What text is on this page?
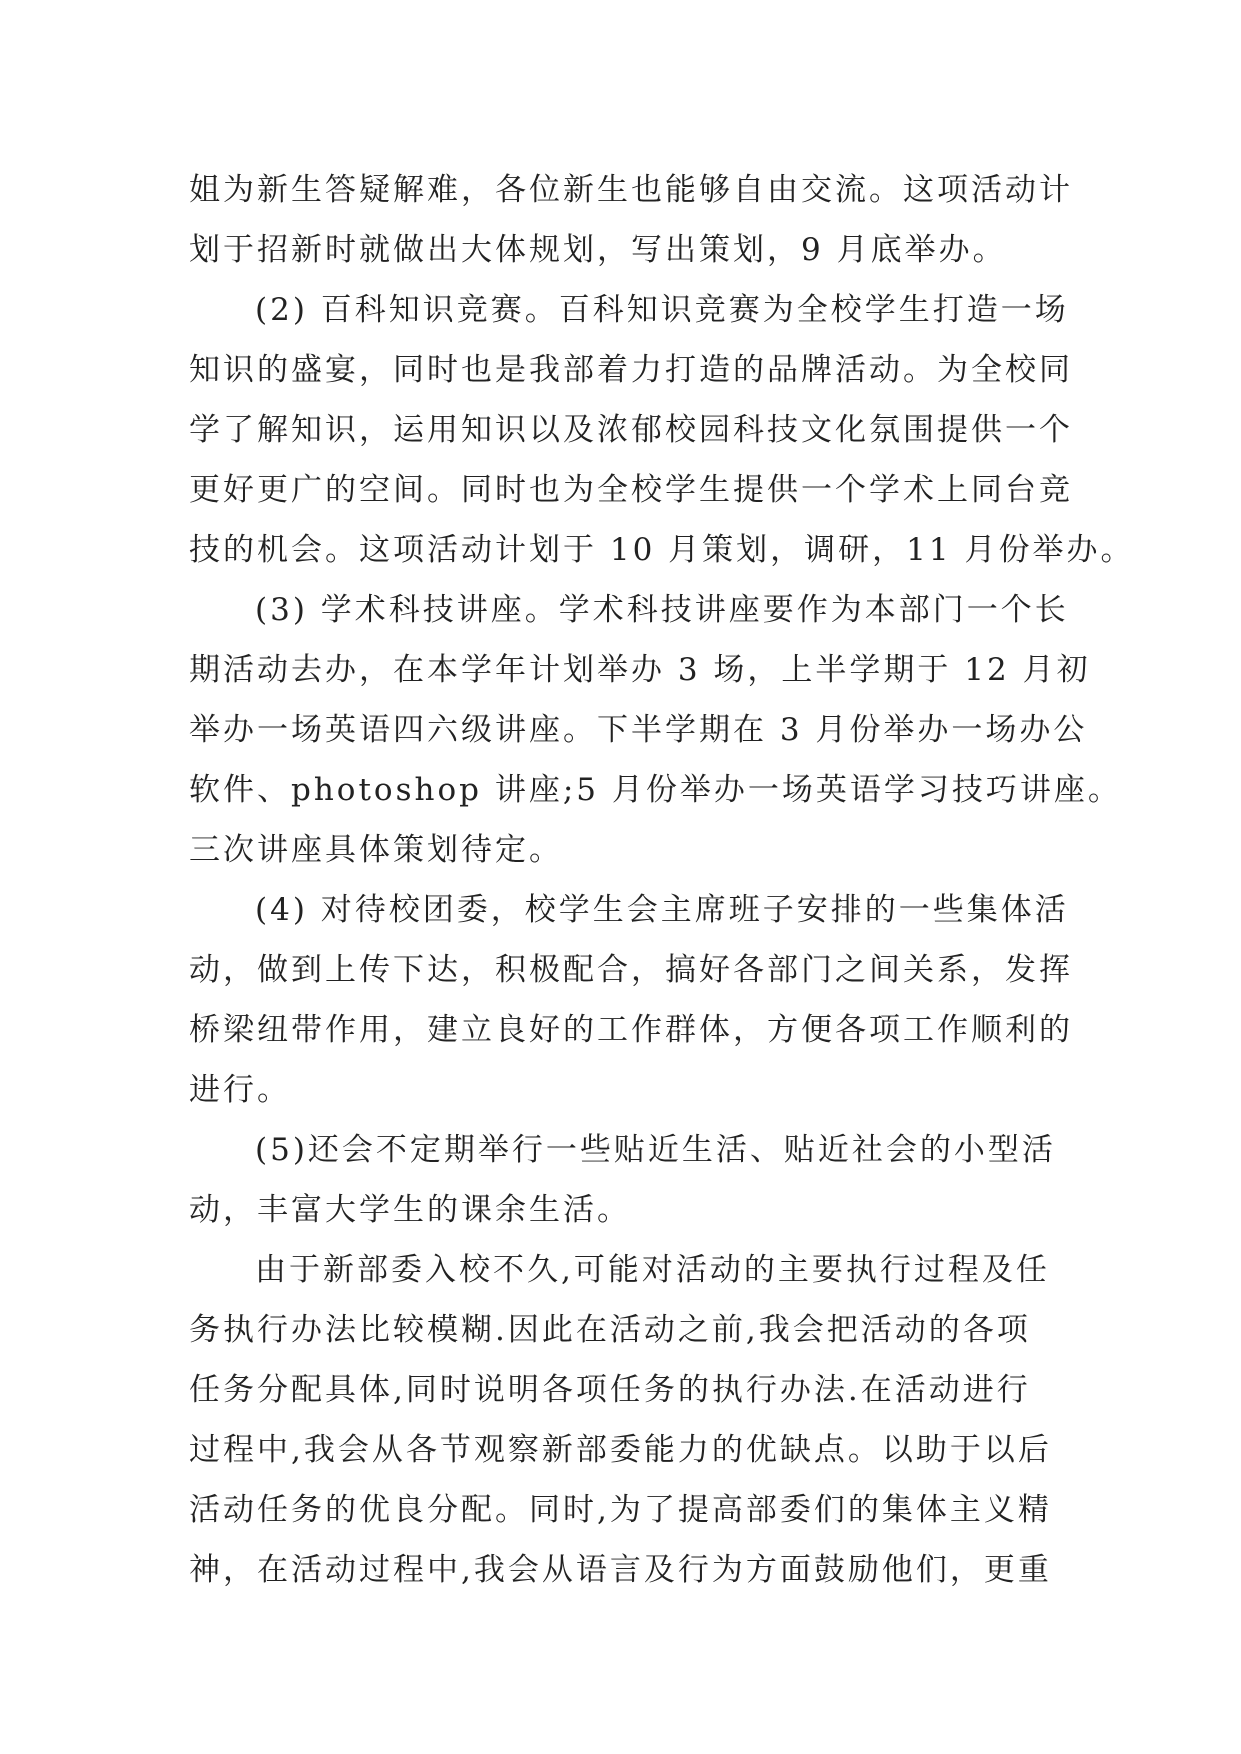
姐为新生答疑解难，各位新生也能够自由交流。这项活动计
划于招新时就做出大体规划，写出策划，9 月底举办。
(2) 百科知识竞赛。百科知识竞赛为全校学生打造一场
知识的盛宴，同时也是我部着力打造的品牌活动。为全校同
学了解知识，运用知识以及浓郁校园科技文化氛围提供一个
更好更广的空间。同时也为全校学生提供一个学术上同台竞
技的机会。这项活动计划于 10 月策划，调研，11 月份举办。
(3) 学术科技讲座。学术科技讲座要作为本部门一个长
期活动去办，在本学年计划举办 3 场，上半学期于 12 月初
举办一场英语四六级讲座。下半学期在 3 月份举办一场办公
软件、photoshop 讲座;5 月份举办一场英语学习技巧讲座。
三次讲座具体策划待定。
(4) 对待校团委，校学生会主席班子安排的一些集体活
动，做到上传下达，积极配合，搞好各部门之间关系，发挥
桥梁纽带作用，建立良好的工作群体，方便各项工作顺利的
进行。
(5)还会不定期举行一些贴近生活、贴近社会的小型活
动，丰富大学生的课余生活。
由于新部委入校不久,可能对活动的主要执行过程及任
务执行办法比较模糊.因此在活动之前,我会把活动的各项
任务分配具体,同时说明各项任务的执行办法.在活动进行
过程中,我会从各节观察新部委能力的优缺点。以助于以后
活动任务的优良分配。同时,为了提高部委们的集体主义精
神，在活动过程中,我会从语言及行为方面鼓励他们，更重
